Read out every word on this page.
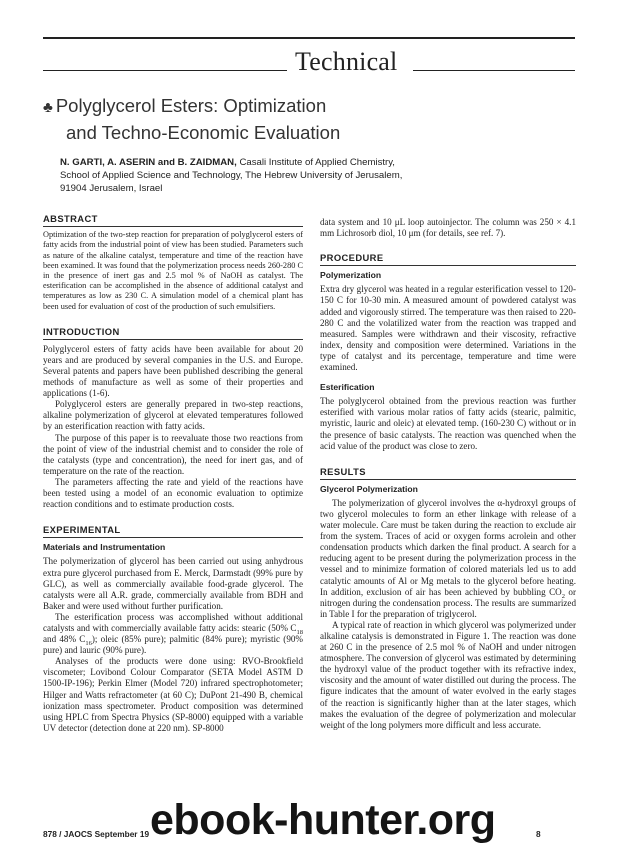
Technical
♣ Polyglycerol Esters: Optimization
and Techno-Economic Evaluation
N. GARTI, A. ASERIN and B. ZAIDMAN, Casali Institute of Applied Chemistry,
School of Applied Science and Technology, The Hebrew University of Jerusalem,
91904 Jerusalem, Israel

ABSTRACT

Optimization of the two-step reaction for preparation of polyglycerol esters of fatty acids from the industrial point of view has been studied. Parameters such as nature of the alkaline catalyst, temperature and time of the reaction have been examined. It was found that the polymerization process needs 260-280 C in the presence of inert gas and 2.5 mol % of NaOH as catalyst. The esterification can be accomplished in the absence of additional catalyst and temperatures as low as 230 C. A simulation model of a chemical plant has been used for evaluation of cost of the production of such emulsifiers.

INTRODUCTION

Polyglycerol esters of fatty acids have been available for about 20 years and are produced by several companies in the U.S. and Europe. Several patents and papers have been published describing the general methods of manufacture as well as some of their properties and applications (1-6).

Polyglycerol esters are generally prepared in two-step reactions, alkaline polymerization of glycerol at elevated temperatures followed by an esterification reaction with fatty acids.

The purpose of this paper is to reevaluate those two reactions from the point of view of the industrial chemist and to consider the role of the catalysts (type and concentration), the need for inert gas, and of temperature on the rate of the reaction.

The parameters affecting the rate and yield of the reactions have been tested using a model of an economic evaluation to optimize reaction conditions and to estimate production costs.

EXPERIMENTAL

Materials and Instrumentation

The polymerization of glycerol has been carried out using anhydrous extra pure glycerol purchased from E. Merck, Darmstadt (99% pure by GLC), as well as commercially available food-grade glycerol. The catalysts were all A.R. grade, commercially available from BDH and Baker and were used without further purification.

The esterification process was accomplished without additional catalysts and with commercially available fatty acids: stearic (50% $C_{18}$ and 48% $C_{16}$); oleic (85% pure); palmitic (84% pure); myristic (90% pure) and lauric (90% pure).

Analyses of the products were done using: RVO-Brookfield viscometer; Lovibond Colour Comparator (SETA Model ASTM D 1500-IP-196); Perkin Elmer (Model 720) infrared spectrophotometer; Hilger and Watts refractometer (at 60 C); DuPont 21-490 B, chemical ionization mass spectrometer. Product composition was determined using HPLC from Spectra Physics (SP-8000) equipped with a variable UV detector (detection done at 220 nm). SP-8000

data system and 10 μL loop autoinjector. The column was 250 × 4.1 mm Lichrosorb diol, 10 μm (for details, see ref. 7).

PROCEDURE

Polymerization

Extra dry glycerol was heated in a regular esterification vessel to 120-150 C for 10-30 min. A measured amount of powdered catalyst was added and vigorously stirred. The temperature was then raised to 220-280 C and the volatilized water from the reaction was trapped and measured. Samples were withdrawn and their viscosity, refractive index, density and composition were determined. Variations in the type of catalyst and its percentage, temperature and time were examined.

Esterification

The polyglycerol obtained from the previous reaction was further esterified with various molar ratios of fatty acids (stearic, palmitic, myristic, lauric and oleic) at elevated temp. (160-230 C) without or in the presence of basic catalysts. The reaction was quenched when the acid value of the product was close to zero.

RESULTS

Glycerol Polymerization

The polymerization of glycerol involves the α-hydroxyl groups of two glycerol molecules to form an ether linkage with release of a water molecule. Care must be taken during the reaction to exclude air from the system. Traces of acid or oxygen forms acrolein and other condensation products which darken the final product. A search for a reducing agent to be present during the polymerization process in the vessel and to minimize formation of colored materials led us to add catalytic amounts of Al or Mg metals to the glycerol before heating. In addition, exclusion of air has been achieved by bubbling $CO_2$ or nitrogen during the condensation process. The results are summarized in Table I for the preparation of triglycerol.

A typical rate of reaction in which glycerol was polymerized under alkaline catalysis is demonstrated in Figure 1. The reaction was done at 260 C in the presence of 2.5 mol % of NaOH and under nitrogen atmosphere. The conversion of glycerol was estimated by determining the hydroxyl value of the product together with its refractive index, viscosity and the amount of water distilled out during the process. The figure indicates that the amount of water evolved in the early stages of the reaction is significantly higher than at the later stages, which makes the evaluation of the degree of polymerization and molecular weight of the long polymers more difficult and less accurate.

878 / JAOCS September 19	8
ebook-hunter.org
